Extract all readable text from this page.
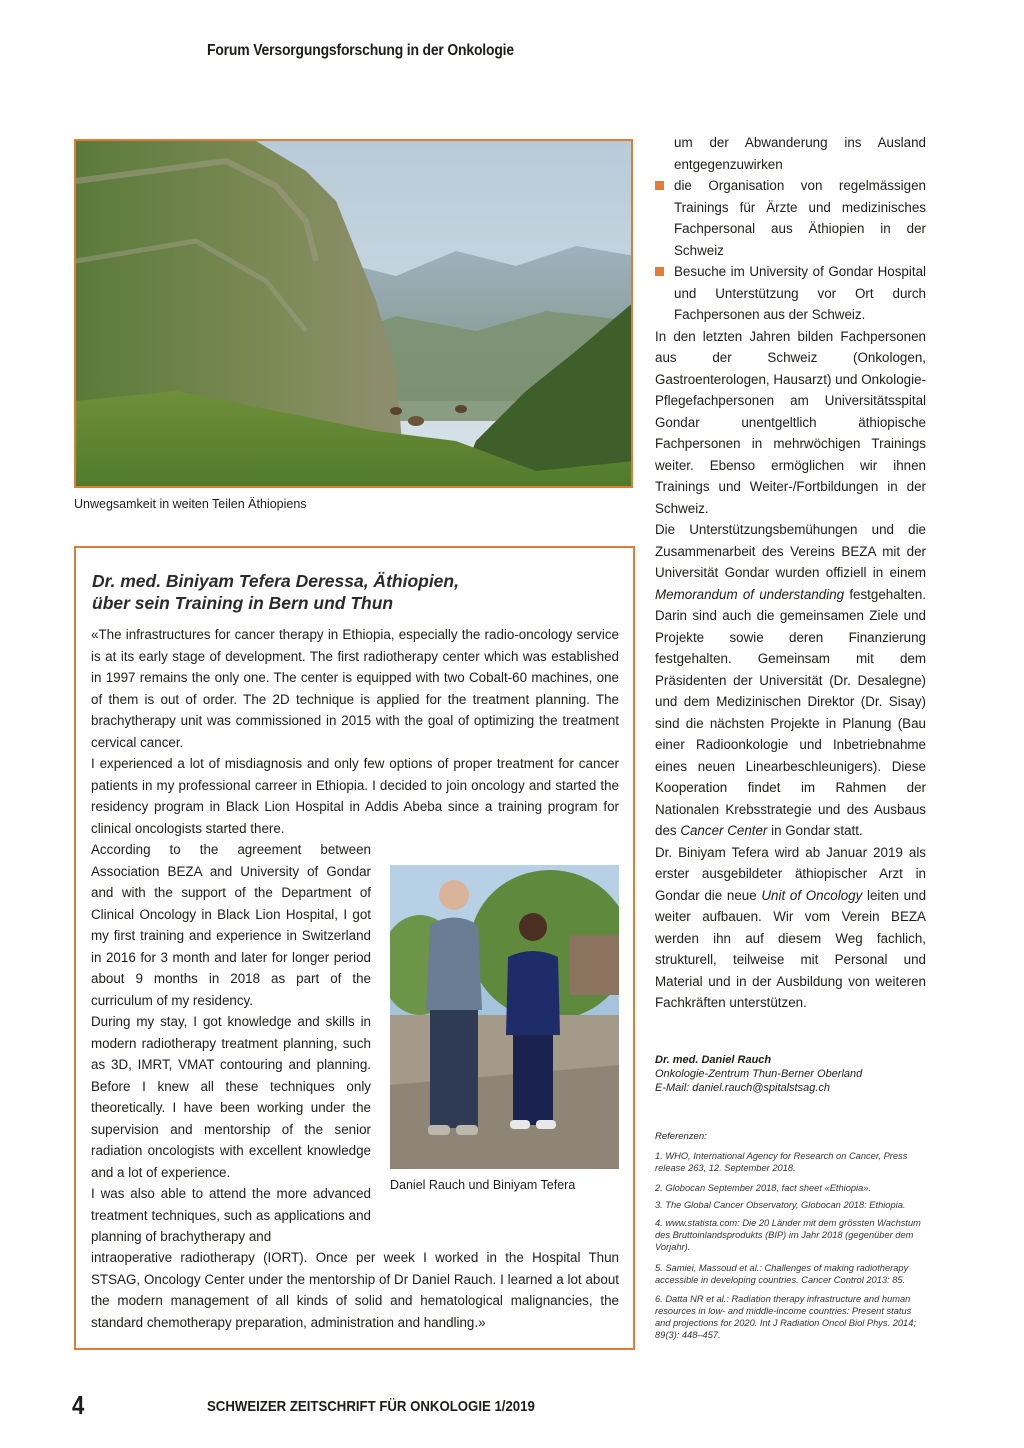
Forum Versorgungsforschung in der Onkologie
Unwegsamkeit in weiten Teilen Äthiopiens
Dr. med. Biniyam Tefera Deressa, Äthiopien,
über sein Training in Bern und Thun
«The infrastructures for cancer therapy in Ethiopia, especially the radio-oncology service is at its early stage of development. The first radiotherapy center which was established in 1997 remains the only one. The center is equipped with two Cobalt-60 machines, one of them is out of order. The 2D technique is applied for the treatment planning. The brachytherapy unit was commissioned in 2015 with the goal of optimizing the treatment cervical cancer.
I experienced a lot of misdiagnosis and only few options of proper treatment for cancer patients in my professional carreer in Ethiopia. I decided to join oncology and started the residency program in Black Lion Hospital in Addis Abeba since a training program for clinical oncologists started there.
According to the agreement between Association BEZA and University of Gondar and with the support of the Department of Clinical Oncology in Black Lion Hospital, I got my first training and experience in Switzerland in 2016 for 3 month and later for longer period about 9 months in 2018 as part of the curriculum of my residency.
During my stay, I got knowledge and skills in modern radiotherapy treatment planning, such as 3D, IMRT, VMAT contouring and planning. Before I knew all these techniques only theoretically. I have been working under the supervision and mentorship of the senior radiation oncologists with excellent knowledge and a lot of experience.
I was also able to attend the more advanced treatment techniques, such as applications and planning of brachytherapy and
intraoperative radiotherapy (IORT). Once per week I worked in the Hospital Thun STSAG, Oncology Center under the mentorship of Dr Daniel Rauch. I learned a lot about the modern management of all kinds of solid and hematological malignancies, the standard chemotherapy preparation, administration and handling.»
Daniel Rauch und Biniyam Tefera
um der Abwanderung ins Ausland entgegenzuwirken
die Organisation von regelmässigen Trainings für Ärzte und medizinisches Fachpersonal aus Äthiopien in der Schweiz
Besuche im University of Gondar Hospital und Unterstützung vor Ort durch Fachpersonen aus der Schweiz.
In den letzten Jahren bilden Fachpersonen aus der Schweiz (Onkologen, Gastroenterologen, Hausarzt) und Onkologie-Pflegefachpersonen am Universitätsspital Gondar unentgeltlich äthiopische Fachpersonen in mehrwöchigen Trainings weiter. Ebenso ermöglichen wir ihnen Trainings und Weiter-/Fortbildungen in der Schweiz.
Die Unterstützungsbemühungen und die Zusammenarbeit des Vereins BEZA mit der Universität Gondar wurden offiziell in einem Memorandum of understanding festgehalten. Darin sind auch die gemeinsamen Ziele und Projekte sowie deren Finanzierung festgehalten. Gemeinsam mit dem Präsidenten der Universität (Dr. Desalegne) und dem Medizinischen Direktor (Dr. Sisay) sind die nächsten Projekte in Planung (Bau einer Radioonkologie und Inbetriebnahme eines neuen Linearbeschleunigers). Diese Kooperation findet im Rahmen der Nationalen Krebsstrategie und des Ausbaus des Cancer Center in Gondar statt.
Dr. Biniyam Tefera wird ab Januar 2019 als erster ausgebildeter äthiopischer Arzt in Gondar die neue Unit of Oncology leiten und weiter aufbauen. Wir vom Verein BEZA werden ihn auf diesem Weg fachlich, strukturell, teilweise mit Personal und Material und in der Ausbildung von weiteren Fachkräften unterstützen.
Dr. med. Daniel Rauch
Onkologie-Zentrum Thun-Berner Oberland
E-Mail: daniel.rauch@spitalstsag.ch
Referenzen:
1. WHO, International Agency for Research on Cancer, Press release 263, 12. September 2018.
2. Globocan September 2018, fact sheet «Ethiopia».
3. The Global Cancer Observatory, Globocan 2018: Ethiopia.
4. www.statista.com: Die 20 Länder mit dem grössten Wachstum des Bruttoinlandsprodukts (BIP) im Jahr 2018 (gegenüber dem Vorjahr).
5. Samiei, Massoud et al.: Challenges of making radiotherapy accessible in developing countries. Cancer Control 2013: 85.
6. Datta NR et al.: Radiation therapy infrastructure and human resources in low- and middle-income countries: Present status and projections for 2020. Int J Radiation Oncol Biol Phys. 2014; 89(3): 448–457.
4	SCHWEIZER ZEITSCHRIFT FÜR ONKOLOGIE 1/2019
